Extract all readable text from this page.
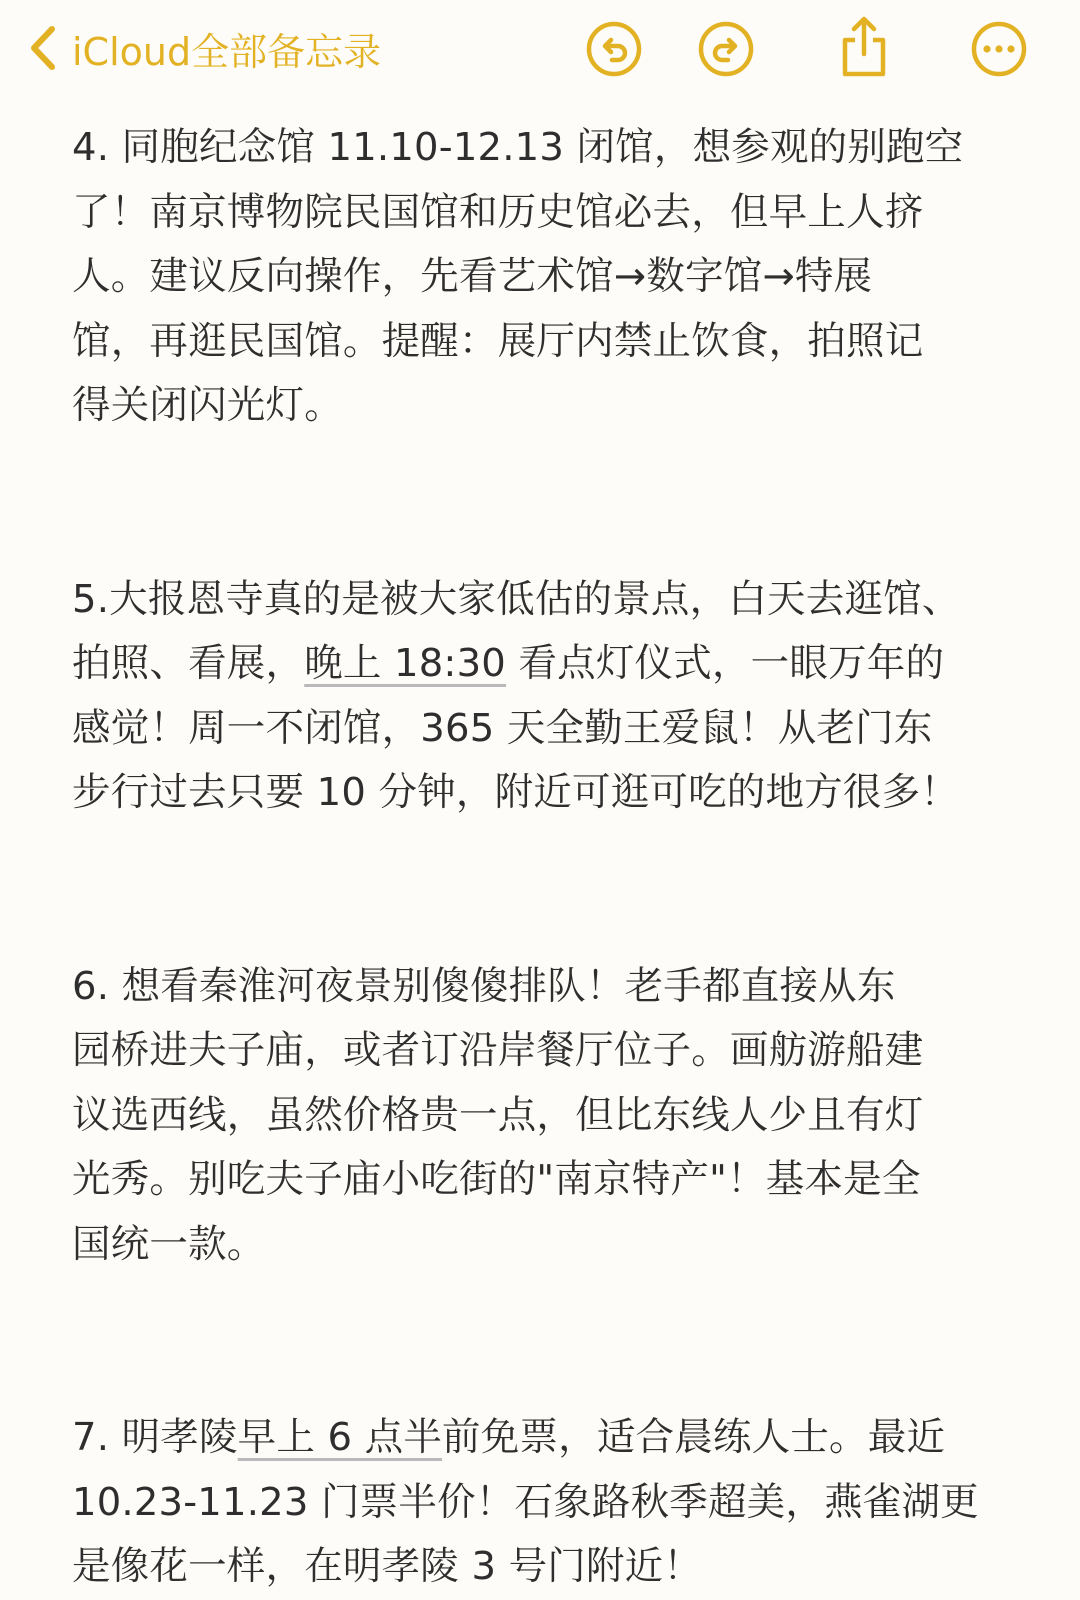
iCloud全部备忘录

4. 同胞纪念馆 11.10-12.13 闭馆，想参观的别跑空
了！南京博物院民国馆和历史馆必去，但早上人挤
人。建议反向操作，先看艺术馆→数字馆→特展
馆，再逛民国馆。提醒：展厅内禁止饮食，拍照记
得关闭闪光灯。

5.大报恩寺真的是被大家低估的景点，白天去逛馆、
拍照、看展，晚上 18:30 看点灯仪式，一眼万年的
感觉！周一不闭馆，365 天全勤王爱鼠！从老门东
步行过去只要 10 分钟，附近可逛可吃的地方很多！

6. 想看秦淮河夜景别傻傻排队！老手都直接从东
园桥进夫子庙，或者订沿岸餐厅位子。画舫游船建
议选西线，虽然价格贵一点，但比东线人少且有灯
光秀。别吃夫子庙小吃街的"南京特产"！基本是全
国统一款。

7. 明孝陵早上 6 点半前免票，适合晨练人士。最近
10.23-11.23 门票半价！石象路秋季超美，燕雀湖更
是像花一样，在明孝陵 3 号门附近！
